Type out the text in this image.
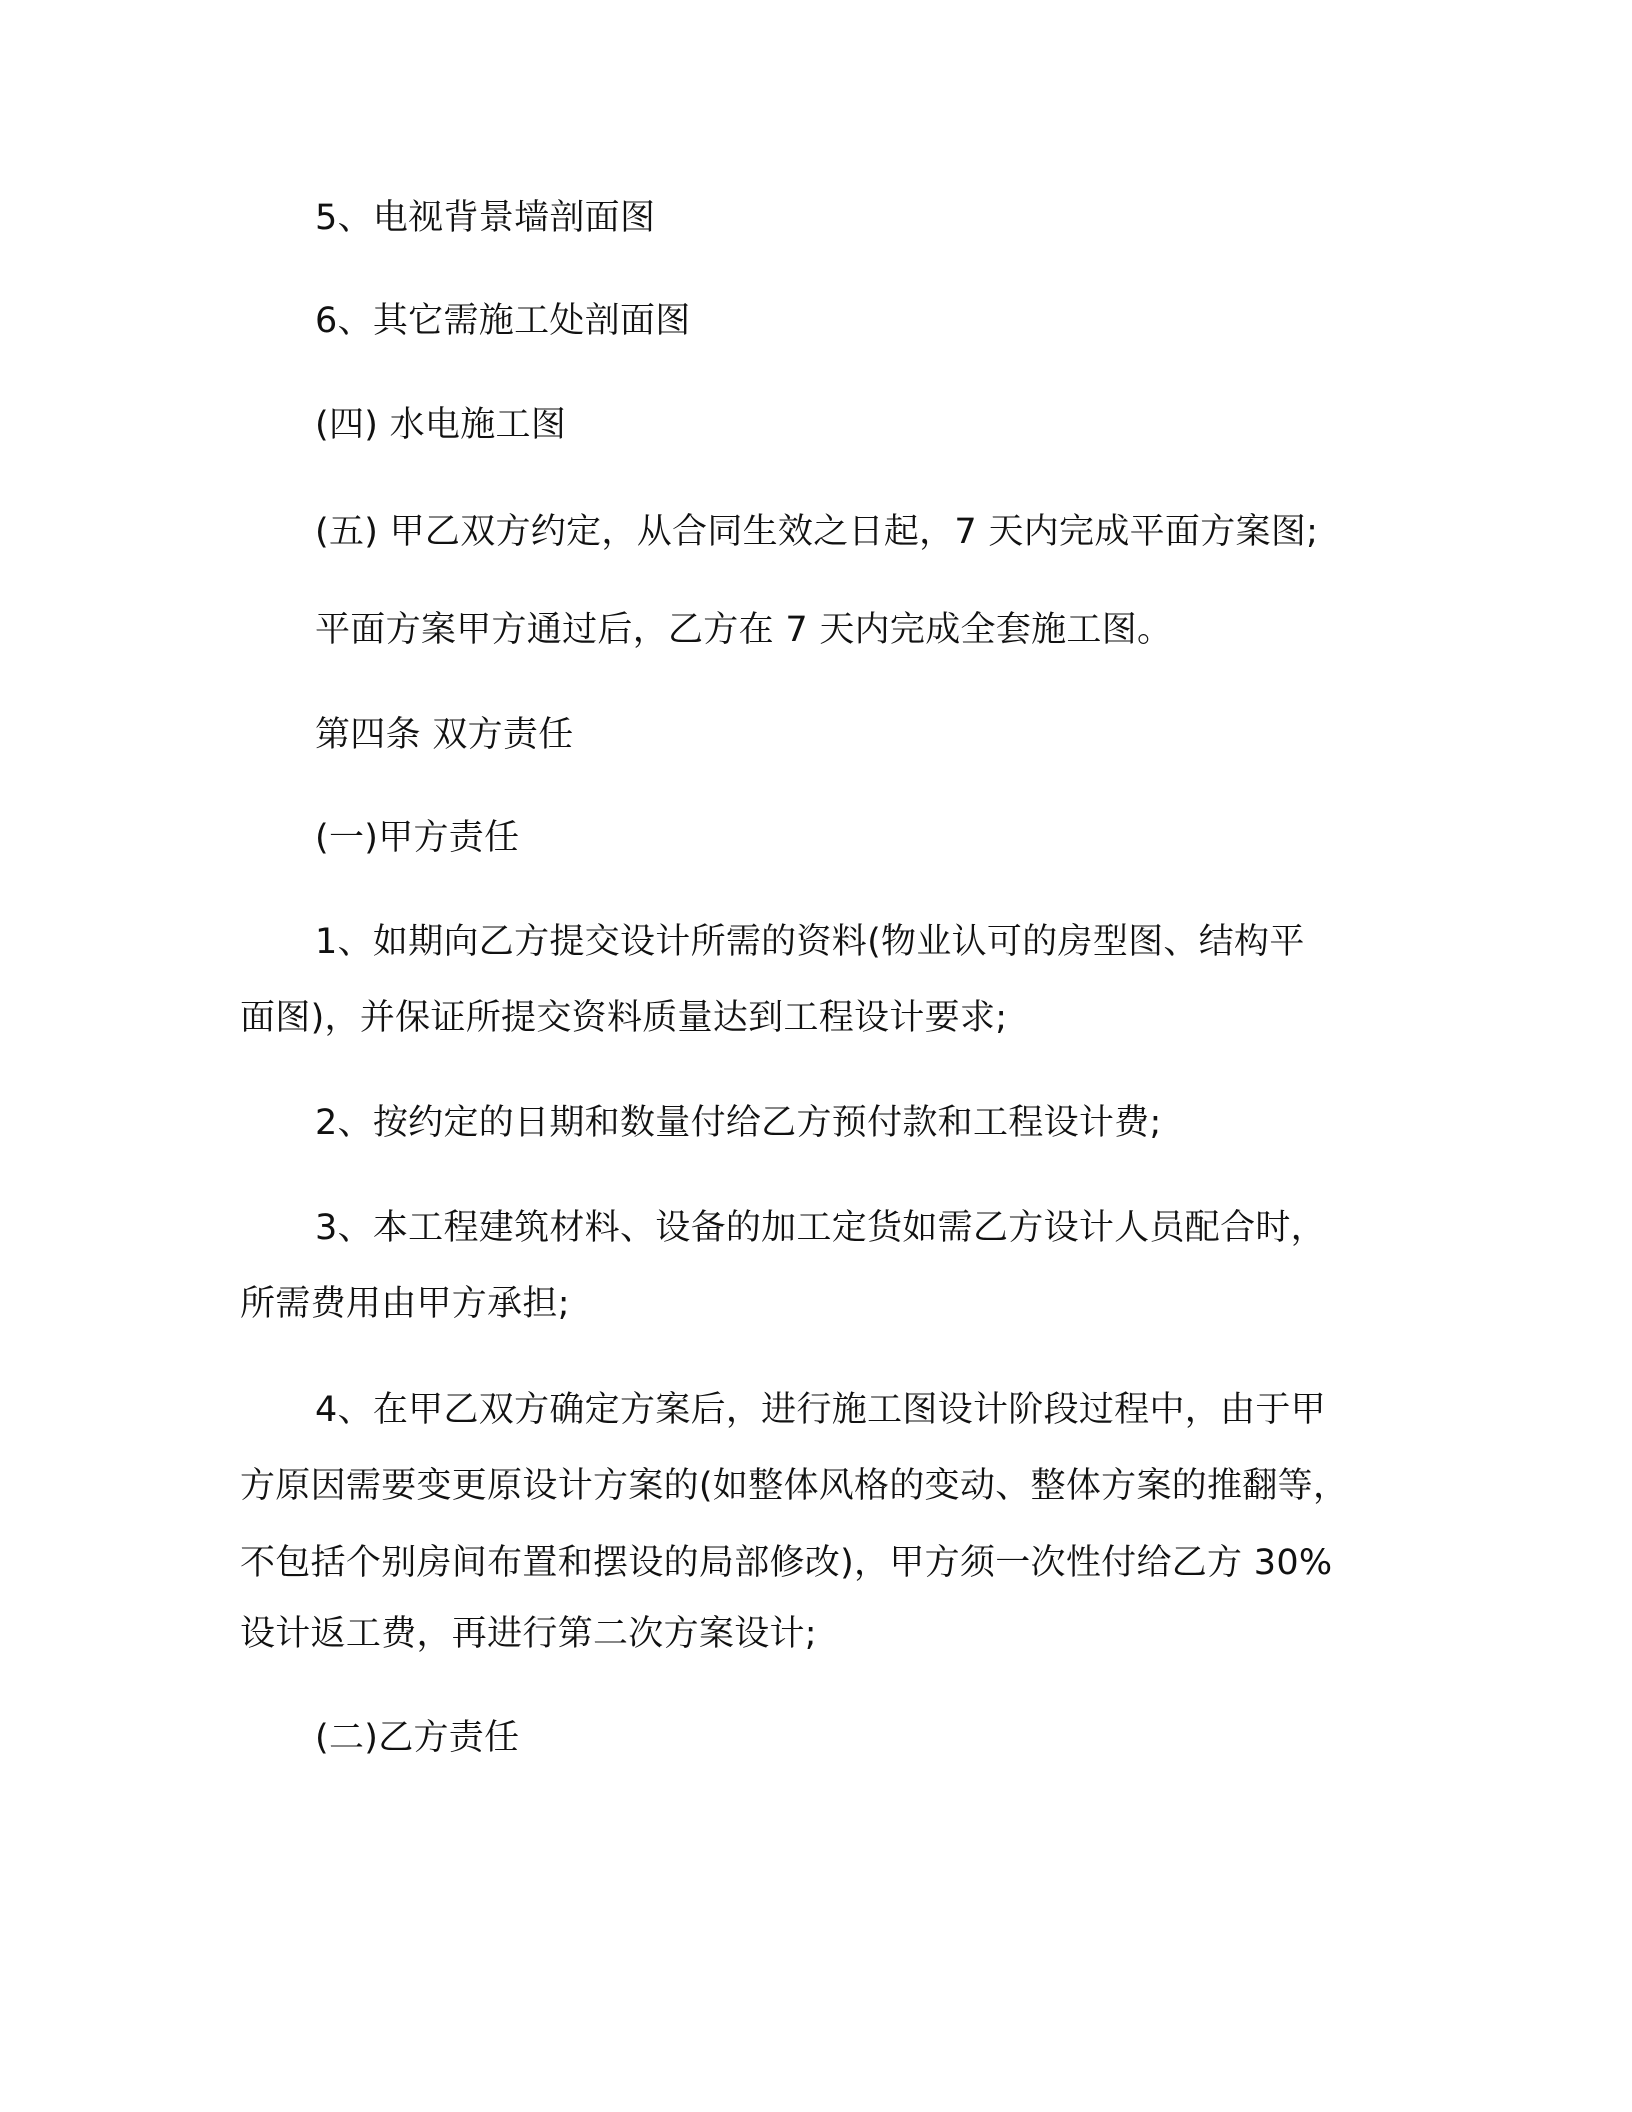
5、电视背景墙剖面图
6、其它需施工处剖面图
(四) 水电施工图
(五) 甲乙双方约定，从合同生效之日起，7 天内完成平面方案图;
平面方案甲方通过后，乙方在 7 天内完成全套施工图。
第四条 双方责任
(一)甲方责任
1、如期向乙方提交设计所需的资料(物业认可的房型图、结构平
面图)，并保证所提交资料质量达到工程设计要求;
2、按约定的日期和数量付给乙方预付款和工程设计费;
3、本工程建筑材料、设备的加工定货如需乙方设计人员配合时，
所需费用由甲方承担;
4、在甲乙双方确定方案后，进行施工图设计阶段过程中，由于甲
方原因需要变更原设计方案的(如整体风格的变动、整体方案的推翻等，
不包括个别房间布置和摆设的局部修改)，甲方须一次性付给乙方 30%
设计返工费，再进行第二次方案设计;
(二)乙方责任
